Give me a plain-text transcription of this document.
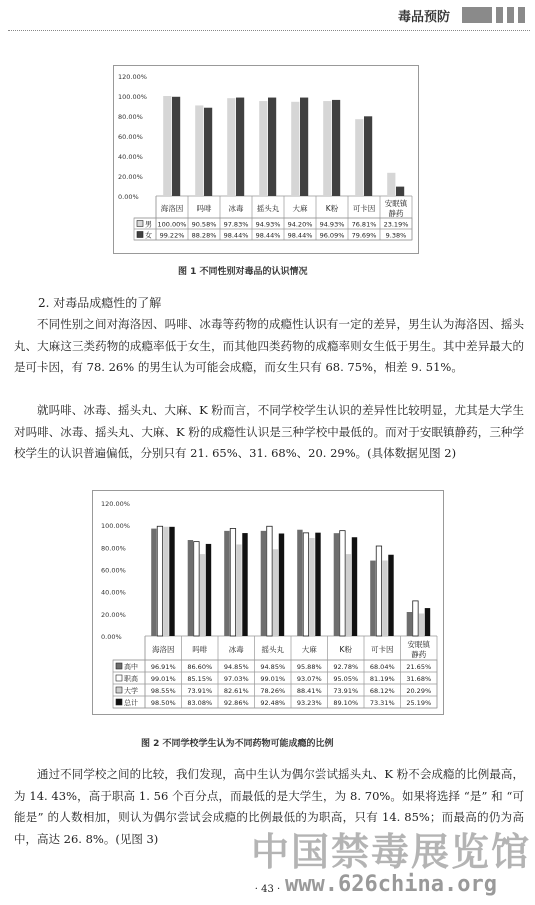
毒品预防
120.00%
100.00%
80.00%
60.00%
40.00%
20.00%
0.00%
海洛因 吗啡 冰毒 摇头丸 大麻 K粉 可卡因
安眠镇
静药
男 100.00% 90.58% 97.83% 94.93% 94.20% 94.93% 76.81% 23.19%
女 99.22% 88.28% 98.44% 98.44% 98.44% 96.09% 79.69% 9.38%
图 1 不同性别对毒品的认识情况
2. 对毒品成瘾性的了解

不同性别之间对海洛因、吗啡、冰毒等药物的成瘾性认识有一定的差异，男生认为海洛因、摇头丸、大麻这三类药物的成瘾率低于女生，而其他四类药物的成瘾率则女生低于男生。其中差异最大的是可卡因，有 78. 26% 的男生认为可能会成瘾，而女生只有 68. 75%，相差 9. 51%。

就吗啡、冰毒、摇头丸、大麻、K 粉而言，不同学校学生认识的差异性比较明显，尤其是大学生对吗啡、冰毒、摇头丸、大麻、K 粉的成瘾性认识是三种学校中最低的。而对于安眠镇静药，三种学校学生的认识普遍偏低，分别只有 21. 65%、31. 68%、20. 29%。(具体数据见图 2)

120.00%
100.00%
80.00%
60.00%
40.00%
20.00%
0.00%
海洛因 吗啡	冰毒 摇头丸 大麻	K粉	可卡因
安眠镇
静药
高中 96.91% 86.60% 94.85% 94.85% 95.88% 92.78% 68.04% 21.65%
职高 99.01% 85.15% 97.03% 99.01% 93.07% 95.05% 81.19% 31.68%
大学 98.55% 73.91% 82.61% 78.26% 88.41% 73.91% 68.12% 20.29%
总计 98.50% 83.08% 92.86% 92.48% 93.23% 89.10% 73.31% 25.19%
图 2 不同学校学生认为不同药物可能成瘾的比例

通过不同学校之间的比较，我们发现，高中生认为偶尔尝试摇头丸、K 粉不会成瘾的比例最高，为 14. 43%，高于职高 1. 56 个百分点，而最低的是大学生，为 8. 70%。如果将选择 “是” 和 “可能是” 的人数相加，则认为偶尔尝试会成瘾的比例最低的为职高，只有 14. 85%；而最高的仍为高中，高达 26. 8%。(见图 3)

· 43 ·
中国禁毒展览馆
www.626china.org
